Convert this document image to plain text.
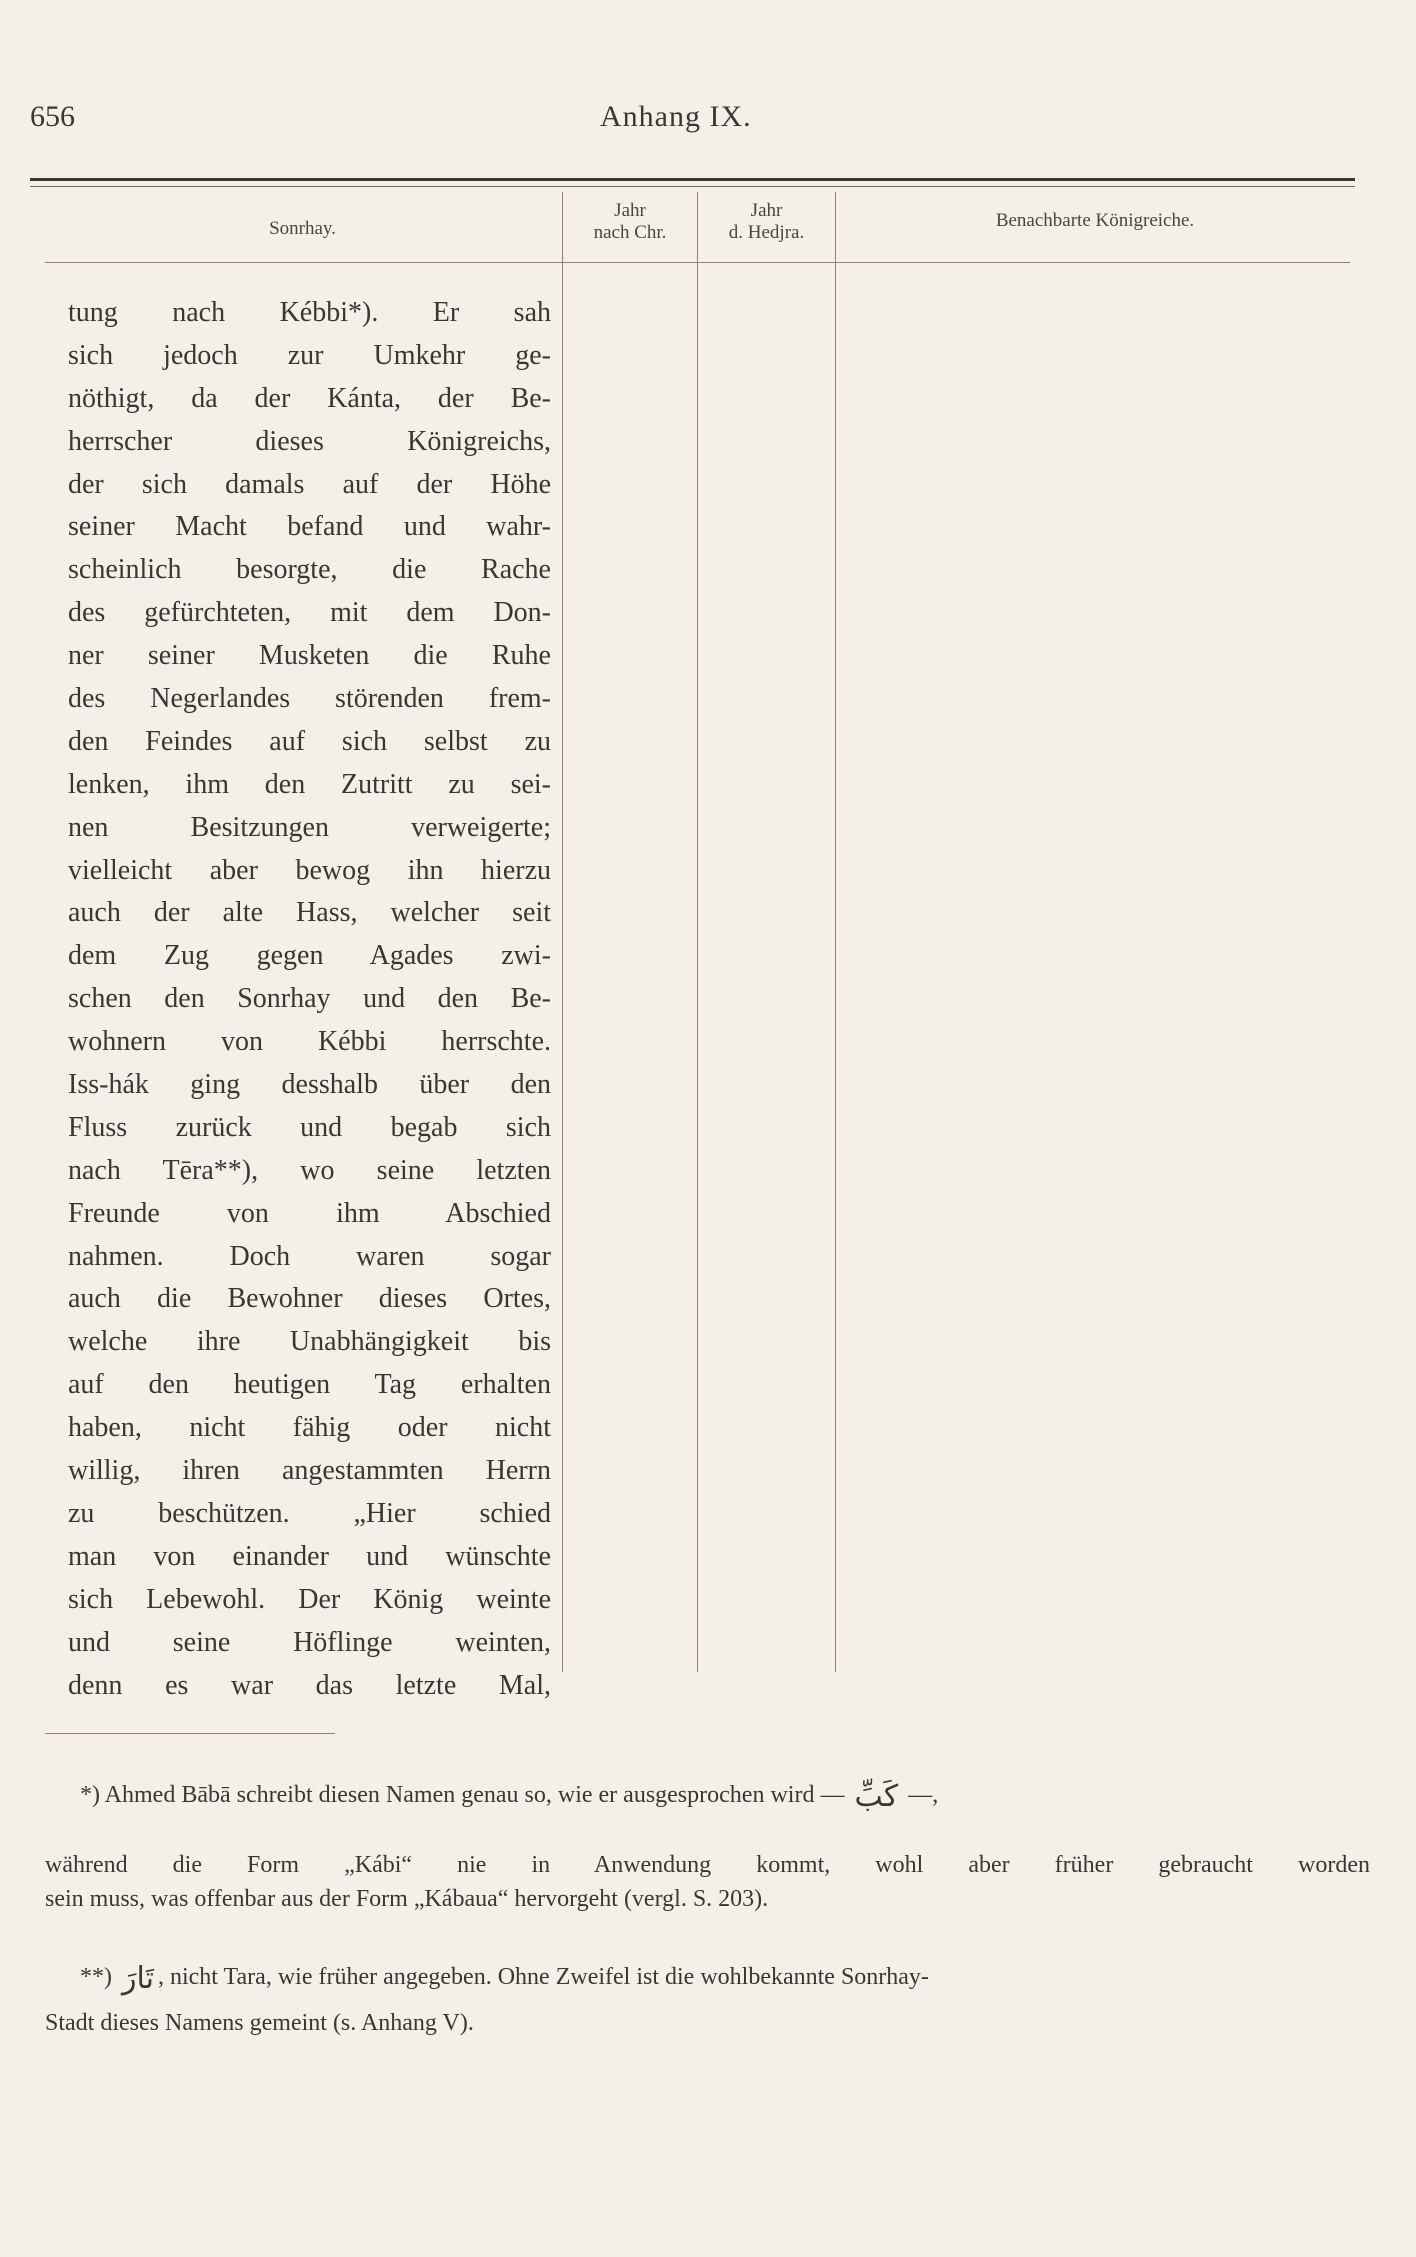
656	Anhang IX.
Sonrhay.
Jahr
nach Chr.
Jahr
d. Hedjra.
Benachbarte Königreiche.
tung nach Kébbi*). Er sah
sich jedoch zur Umkehr ge-
nöthigt, da der Kánta, der Be-
herrscher dieses Königreichs,
der sich damals auf der Höhe
seiner Macht befand und wahr-
scheinlich besorgte, die Rache
des gefürchteten, mit dem Don-
ner seiner Musketen die Ruhe
des Negerlandes störenden frem-
den Feindes auf sich selbst zu
lenken, ihm den Zutritt zu sei-
nen Besitzungen verweigerte;
vielleicht aber bewog ihn hierzu
auch der alte Hass, welcher seit
dem Zug gegen Agades zwi-
schen den Sonrhay und den Be-
wohnern von Kébbi herrschte.
Iss-hák ging desshalb über den
Fluss zurück und begab sich
nach Tēra**), wo seine letzten
Freunde von ihm Abschied
nahmen. Doch waren sogar
auch die Bewohner dieses Ortes,
welche ihre Unabhängigkeit bis
auf den heutigen Tag erhalten
haben, nicht fähig oder nicht
willig, ihren angestammten Herrn
zu beschützen. „Hier schied
man von einander und wünschte
sich Lebewohl. Der König weinte
und seine Höflinge weinten,
denn es war das letzte Mal,
*) Ahmed Bābā schreibt diesen Namen genau so, wie er ausgesprochen wird — كَبِّ —,
während die Form „Kábi“ nie in Anwendung kommt, wohl aber früher gebraucht worden
sein muss, was offenbar aus der Form „Kábaua“ hervorgeht (vergl. S. 203).
**) تَارَ , nicht Tara, wie früher angegeben. Ohne Zweifel ist die wohlbekannte Sonrhay-
Stadt dieses Namens gemeint (s. Anhang V).
